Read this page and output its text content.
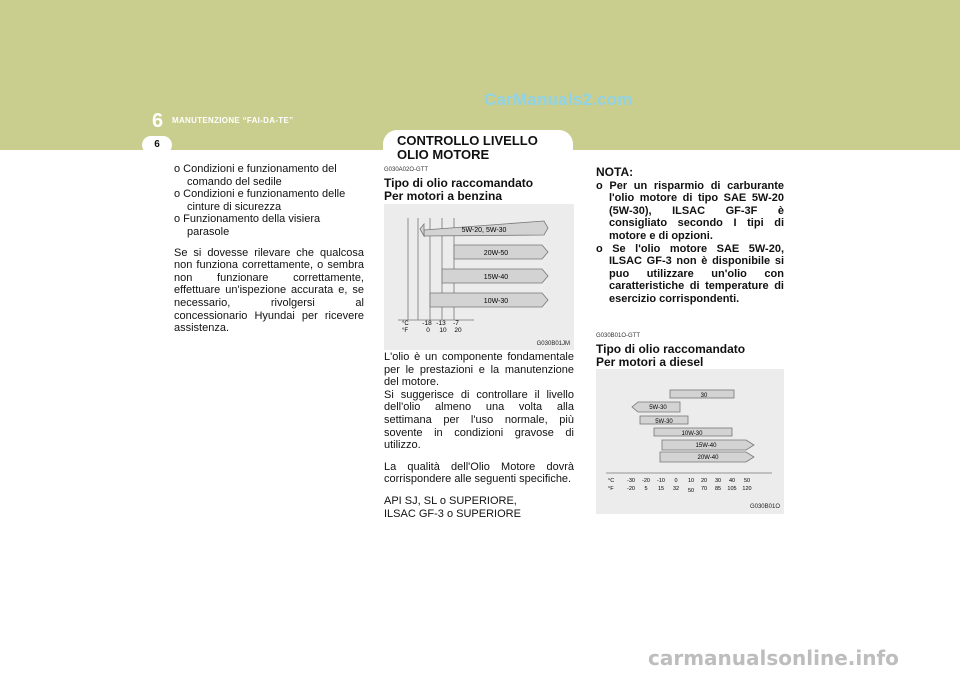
CarManuals2.com
6 MANUTENZIONE “FAI-DA-TE”
6	CONTROLLO LIVELLO OLIO MOTORE

o Condizioni e funzionamento del comando del sedile

o Condizioni e funzionamento delle cinture di sicurezza

o Funzionamento della visiera parasole

Se si dovesse rilevare che qualcosa non funziona correttamente, o sembra non funzionare correttamente, effettuare un'ispezione accurata e, se necessario, rivolgersi al concessionario Hyundai per ricevere assistenza.

G030A02O-GTT

Tipo di olio raccomandato

Per motori a benzina

5W-20, 5W-30
20W-50
15W-40
10W-30
°C
°F
-18 -13 -7
0 10 20
G030B01JM

L'olio è un componente fondamentale per le prestazioni e la manutenzione del motore.

Si suggerisce di controllare il livello dell'olio almeno una volta alla settimana per l'uso normale, più sovente in condizioni gravose di utilizzo.

La qualità dell'Olio Motore dovrà corrispondere alle seguenti specifiche.

API SJ, SL o SUPERIORE,
ILSAC GF-3 o SUPERIORE

NOTA:

o Per un risparmio di carburante l'olio motore di tipo SAE 5W-20 (5W-30), ILSAC GF-3F è consigliato secondo I tipi di motore e di opzioni.

o Se l'olio motore SAE 5W-20, ILSAC GF-3 non è disponibile si puo utilizzare un'olio con caratteristiche di temperature di esercizio corrispondenti.

G030B01O-GTT

Tipo di olio raccomandato

Per motori a diesel

30
5W-30
5W-30
10W-30
15W-40
20W-40
°C
°F
-30 -20 -10 0 10 20 30 40 50
-20 5 15 32 50 70 85 105 120
G030B01O
carmanualsonline.info
